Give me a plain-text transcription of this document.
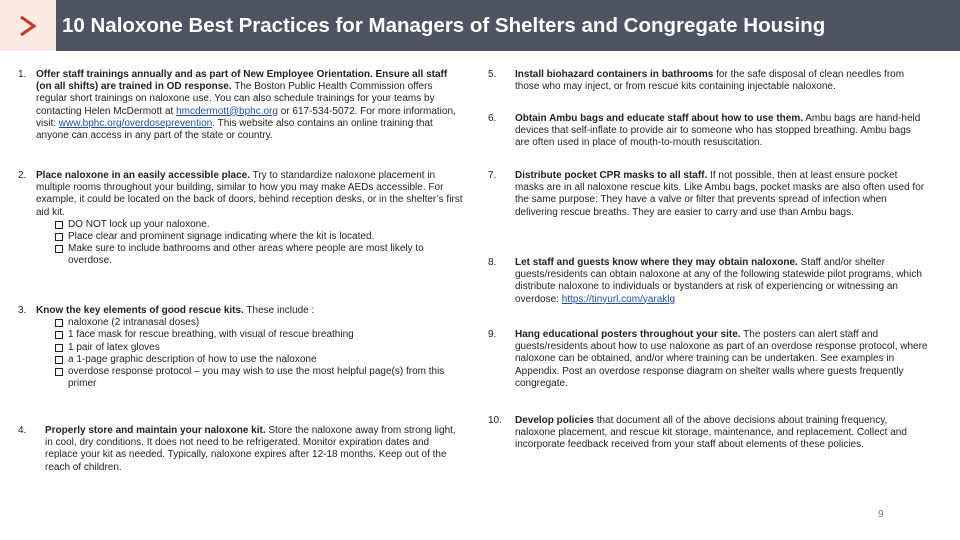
10 Naloxone Best Practices for Managers of Shelters and Congregate Housing
1. Offer staff trainings annually and as part of New Employee Orientation. Ensure all staff (on all shifts) are trained in OD response. The Boston Public Health Commission offers regular short trainings on naloxone use. You can also schedule trainings for your teams by contacting Helen McDermott at hmcdermott@bphc.org or 617-534-5072. For more information, visit: www.bphc.org/overdoseprevention. This website also contains an online training that anyone can access in any part of the state or country.
2. Place naloxone in an easily accessible place. Try to standardize naloxone placement in multiple rooms throughout your building, similar to how you may make AEDs accessible. For example, it could be located on the back of doors, behind reception desks, or in the shelter’s first aid kit.
DO NOT lock up your naloxone.
Place clear and prominent signage indicating where the kit is located.
Make sure to include bathrooms and other areas where people are most likely to overdose.
3. Know the key elements of good rescue kits. These include :
naloxone (2 intranasal doses)
1 face mask for rescue breathing, with visual of rescue breathing
1 pair of latex gloves
a 1-page graphic description of how to use the naloxone
overdose response protocol – you may wish to use the most helpful page(s) from this primer
4. Properly store and maintain your naloxone kit. Store the naloxone away from strong light, in cool, dry conditions. It does not need to be refrigerated. Monitor expiration dates and replace your kit as needed. Typically, naloxone expires after 12-18 months. Keep out of the reach of children.
5. Install biohazard containers in bathrooms for the safe disposal of clean needles from those who may inject, or from rescue kits containing injectable naloxone.
6. Obtain Ambu bags and educate staff about how to use them. Ambu bags are hand-held devices that self-inflate to provide air to someone who has stopped breathing. Ambu bags are often used in place of mouth-to-mouth resuscitation.
7. Distribute pocket CPR masks to all staff. If not possible, then at least ensure pocket masks are in all naloxone rescue kits. Like Ambu bags, pocket masks are also often used for the same purpose: They have a valve or filter that prevents spread of infection when delivering rescue breaths. They are easier to carry and use than Ambu bags.
8. Let staff and guests know where they may obtain naloxone. Staff and/or shelter guests/residents can obtain naloxone at any of the following statewide pilot programs, which distribute naloxone to individuals or bystanders at risk of experiencing or witnessing an overdose: https://tinyurl.com/yaraklg
9. Hang educational posters throughout your site. The posters can alert staff and guests/residents about how to use naloxone as part of an overdose response protocol, where naloxone can be obtained, and/or where training can be undertaken. See examples in Appendix. Post an overdose response diagram on shelter walls where guests frequently congregate.
10. Develop policies that document all of the above decisions about training frequency, naloxone placement, and rescue kit storage, maintenance, and replacement. Collect and incorporate feedback received from your staff about elements of these policies.
9
